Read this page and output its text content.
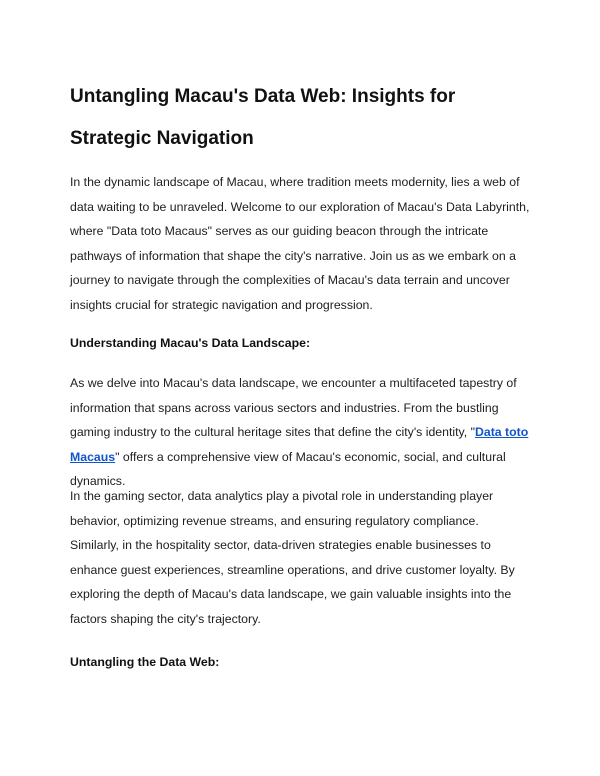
Untangling Macau's Data Web: Insights for Strategic Navigation

In the dynamic landscape of Macau, where tradition meets modernity, lies a web of data waiting to be unraveled. Welcome to our exploration of Macau's Data Labyrinth, where "Data toto Macaus" serves as our guiding beacon through the intricate pathways of information that shape the city's narrative. Join us as we embark on a journey to navigate through the complexities of Macau's data terrain and uncover insights crucial for strategic navigation and progression.

Understanding Macau's Data Landscape:

As we delve into Macau's data landscape, we encounter a multifaceted tapestry of information that spans across various sectors and industries. From the bustling gaming industry to the cultural heritage sites that define the city's identity, "Data toto Macaus" offers a comprehensive view of Macau's economic, social, and cultural dynamics.

In the gaming sector, data analytics play a pivotal role in understanding player behavior, optimizing revenue streams, and ensuring regulatory compliance. Similarly, in the hospitality sector, data-driven strategies enable businesses to enhance guest experiences, streamline operations, and drive customer loyalty. By exploring the depth of Macau's data landscape, we gain valuable insights into the factors shaping the city's trajectory.

Untangling the Data Web:
